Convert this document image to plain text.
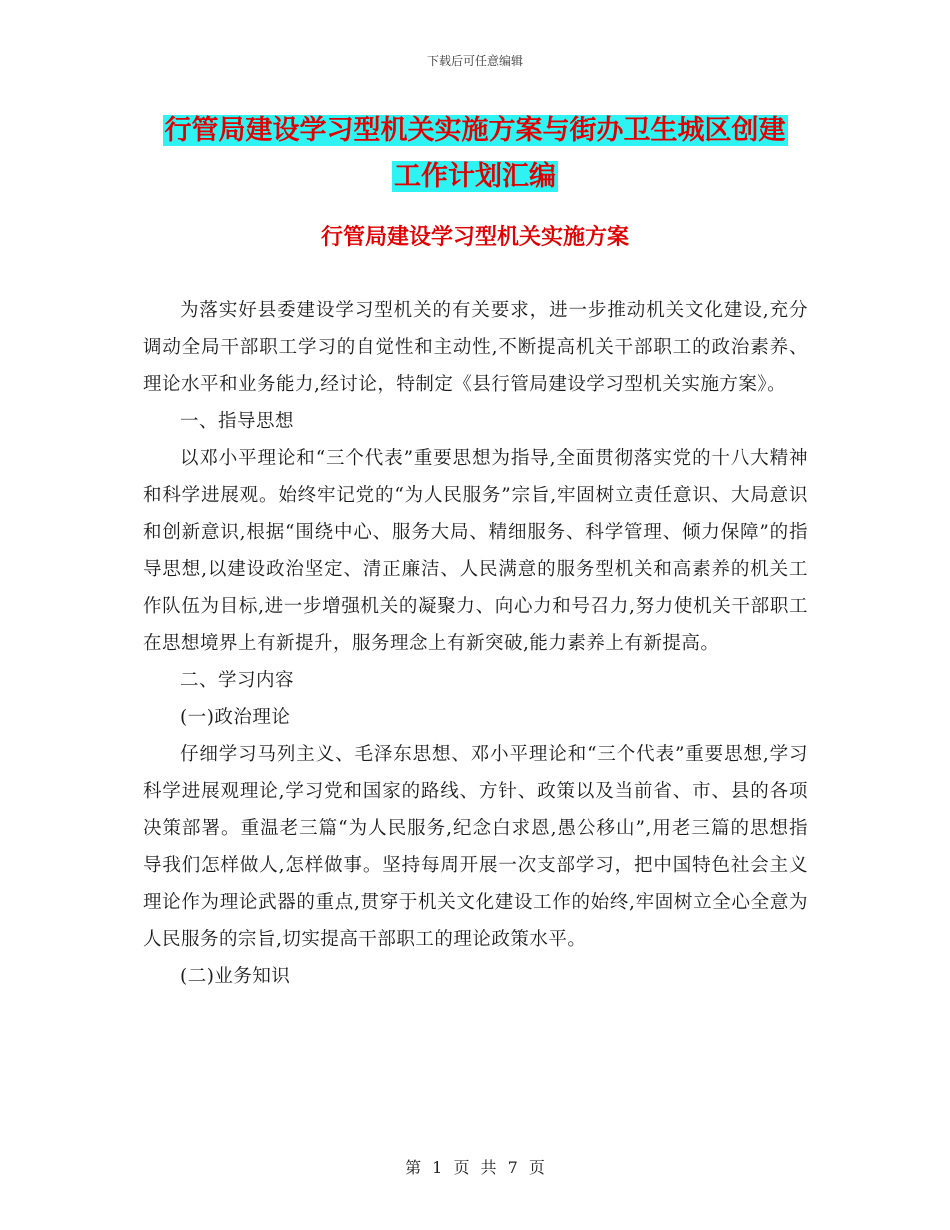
下载后可任意编辑
行管局建设学习型机关实施方案与街办卫生城区创建
工作计划汇编
行管局建设学习型机关实施方案

为落实好县委建设学习型机关的有关要求，进一步推动机关文化建设,充分调动全局干部职工学习的自觉性和主动性,不断提高机关干部职工的政治素养、理论水平和业务能力,经讨论，特制定《县行管局建设学习型机关实施方案》。

一、指导思想

以邓小平理论和“三个代表”重要思想为指导,全面贯彻落实党的十八大精神和科学进展观。始终牢记党的“为人民服务”宗旨,牢固树立责任意识、大局意识和创新意识,根据“围绕中心、服务大局、精细服务、科学管理、倾力保障”的指导思想,以建设政治坚定、清正廉洁、人民满意的服务型机关和高素养的机关工作队伍为目标,进一步增强机关的凝聚力、向心力和号召力,努力使机关干部职工在思想境界上有新提升，服务理念上有新突破,能力素养上有新提高。

二、学习内容

(一)政治理论

仔细学习马列主义、毛泽东思想、邓小平理论和“三个代表”重要思想,学习科学进展观理论,学习党和国家的路线、方针、政策以及当前省、市、县的各项决策部署。重温老三篇“为人民服务,纪念白求恩,愚公移山”,用老三篇的思想指导我们怎样做人,怎样做事。坚持每周开展一次支部学习，把中国特色社会主义理论作为理论武器的重点,贯穿于机关文化建设工作的始终,牢固树立全心全意为人民服务的宗旨,切实提高干部职工的理论政策水平。

(二)业务知识

第 1 页 共 7 页
